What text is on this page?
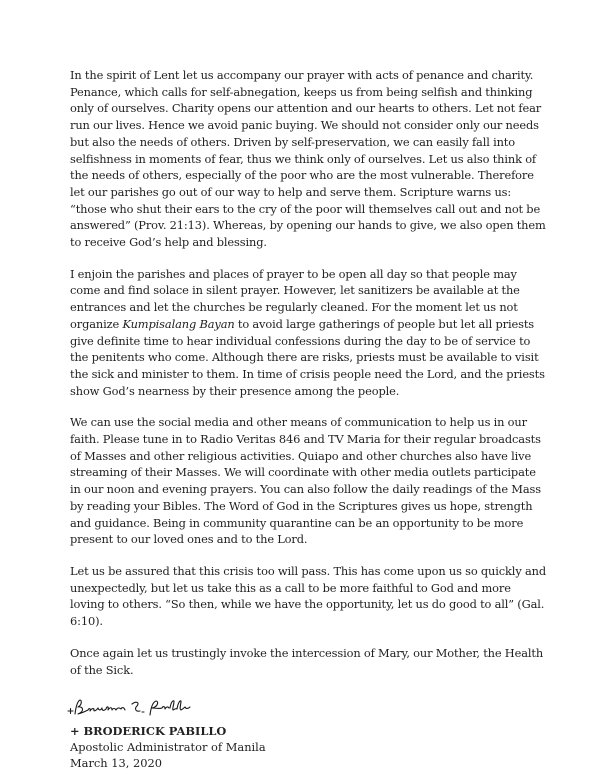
In the spirit of Lent let us accompany our prayer with acts of penance and charity. Penance, which calls for self-abnegation, keeps us from being selfish and thinking only of ourselves. Charity opens our attention and our hearts to others. Let not fear run our lives. Hence we avoid panic buying. We should not consider only our needs but also the needs of others. Driven by self-preservation, we can easily fall into selfishness in moments of fear, thus we think only of ourselves. Let us also think of the needs of others, especially of the poor who are the most vulnerable. Therefore let our parishes go out of our way to help and serve them. Scripture warns us: “those who shut their ears to the cry of the poor will themselves call out and not be answered” (Prov. 21:13). Whereas, by opening our hands to give, we also open them to receive God’s help and blessing.

I enjoin the parishes and places of prayer to be open all day so that people may come and find solace in silent prayer. However, let sanitizers be available at the entrances and let the churches be regularly cleaned. For the moment let us not organize Kumpisalang Bayan to avoid large gatherings of people but let all priests give definite time to hear individual confessions during the day to be of service to the penitents who come. Although there are risks, priests must be available to visit the sick and minister to them. In time of crisis people need the Lord, and the priests show God’s nearness by their presence among the people.

We can use the social media and other means of communication to help us in our faith. Please tune in to Radio Veritas 846 and TV Maria for their regular broadcasts of Masses and other religious activities. Quiapo and other churches also have live streaming of their Masses. We will coordinate with other media outlets participate in our noon and evening prayers. You can also follow the daily readings of the Mass by reading your Bibles. The Word of God in the Scriptures gives us hope, strength and guidance. Being in community quarantine can be an opportunity to be more present to our loved ones and to the Lord.

Let us be assured that this crisis too will pass. This has come upon us so quickly and unexpectedly, but let us take this as a call to be more faithful to God and more loving to others. “So then, while we have the opportunity, let us do good to all” (Gal. 6:10).

Once again let us trustingly invoke the intercession of Mary, our Mother, the Health of the Sick.

+ BRODERICK PABILLO

Apostolic Administrator of Manila

March 13, 2020
